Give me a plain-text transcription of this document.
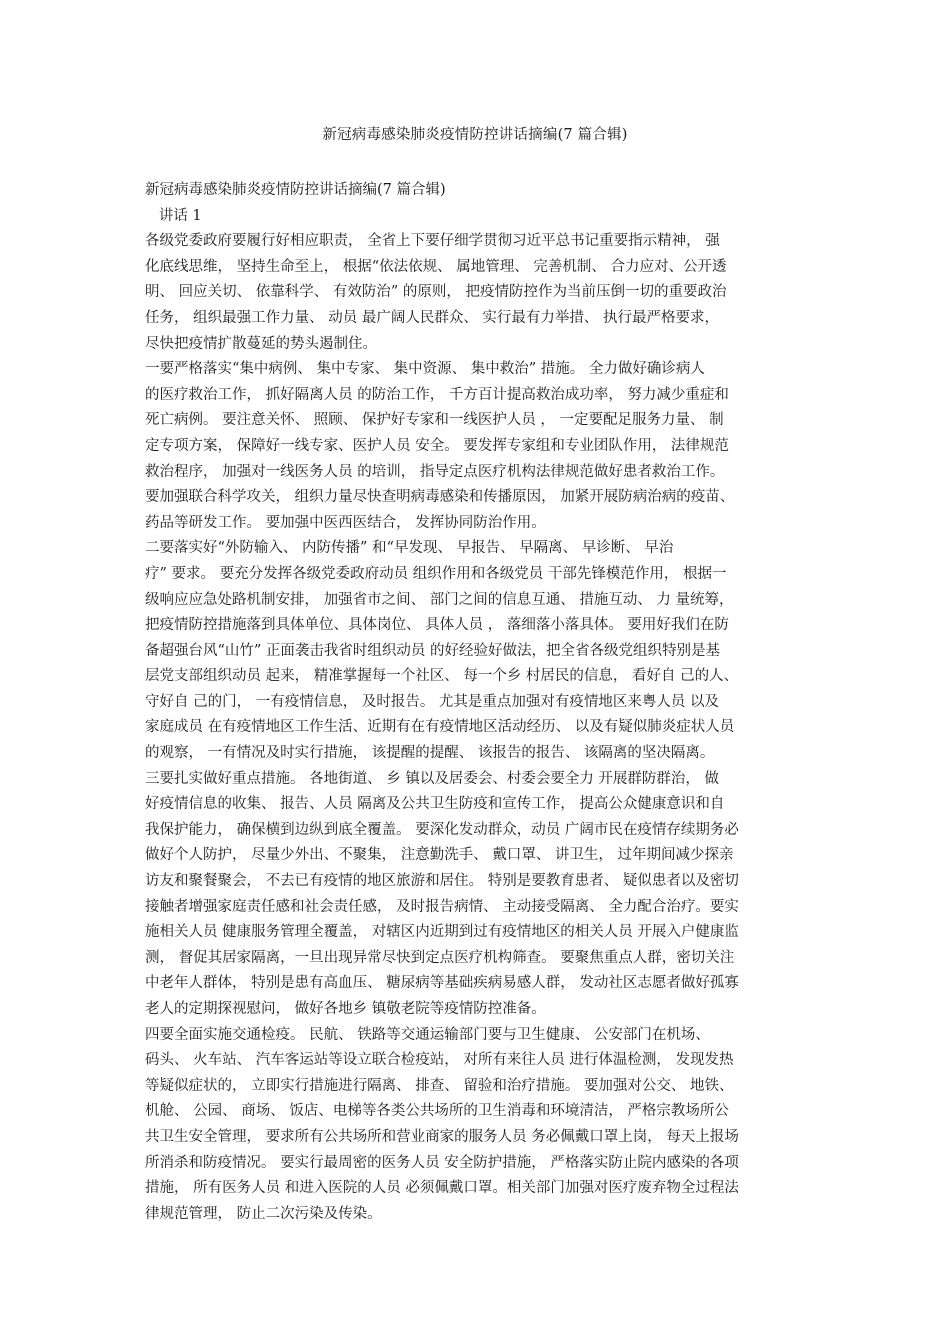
新冠病毒感染肺炎疫情防控讲话摘编(7 篇合辑)
新冠病毒感染肺炎疫情防控讲话摘编(7 篇合辑)
讲话 1
各级党委政府要履行好相应职责， 全省上下要仔细学贯彻习近平总书记重要指示精神， 强
化底线思维， 坚持生命至上， 根据“依法依规、 属地管理、 完善机制、 合力应对、公开透
明、 回应关切、 依靠科学、 有效防治” 的原则， 把疫情防控作为当前压倒一切的重要政治
任务， 组织最强工作力量、 动员 最广阔人民群众、 实行最有力举措、 执行最严格要求，
尽快把疫情扩散蔓延的势头遏制住。
一要严格落实“集中病例、 集中专家、 集中资源、 集中救治” 措施。 全力做好确诊病人
的医疗救治工作， 抓好隔离人员 的防治工作， 千方百计提高救治成功率， 努力减少重症和
死亡病例。 要注意关怀、 照顾、 保护好专家和一线医护人员 ， 一定要配足服务力量、 制
定专项方案， 保障好一线专家、医护人员 安全。 要发挥专家组和专业团队作用， 法律规范
救治程序， 加强对一线医务人员 的培训， 指导定点医疗机构法律规范做好患者救治工作。
要加强联合科学攻关， 组织力量尽快查明病毒感染和传播原因， 加紧开展防病治病的疫苗、
药品等研发工作。 要加强中医西医结合， 发挥协同防治作用。
二要落实好“外防输入、 内防传播” 和“早发现、 早报告、 早隔离、 早诊断、 早治
疗” 要求。 要充分发挥各级党委政府动员 组织作用和各级党员 干部先锋模范作用， 根据一
级响应应急处路机制安排， 加强省市之间、 部门之间的信息互通、 措施互动、 力 量统筹，
把疫情防控措施落到具体单位、具体岗位、 具体人员 ， 落细落小落具体。 要用好我们在防
备超强台风“山竹” 正面袭击我省时组织动员 的好经验好做法，把全省各级党组织特别是基
层党支部组织动员 起来， 精准掌握每一个社区、 每一个乡 村居民的信息， 看好自 己的人、
守好自 己的门， 一有疫情信息， 及时报告。 尤其是重点加强对有疫情地区来粤人员 以及
家庭成员 在有疫情地区工作生活、近期有在有疫情地区活动经历、 以及有疑似肺炎症状人员
的观察， 一有情况及时实行措施， 该提醒的提醒、 该报告的报告、 该隔离的坚决隔离。
三要扎实做好重点措施。 各地街道、 乡 镇以及居委会、村委会要全力 开展群防群治， 做
好疫情信息的收集、 报告、人员 隔离及公共卫生防疫和宣传工作， 提高公众健康意识和自
我保护能力， 确保横到边纵到底全覆盖。 要深化发动群众，动员 广阔市民在疫情存续期务必
做好个人防护， 尽量少外出、不聚集， 注意勤洗手、 戴口罩、 讲卫生， 过年期间减少探亲
访友和聚餐聚会， 不去已有疫情的地区旅游和居住。 特别是要教育患者、 疑似患者以及密切
接触者增强家庭责任感和社会责任感， 及时报告病情、 主动接受隔离、 全力配合治疗。要实
施相关人员 健康服务管理全覆盖， 对辖区内近期到过有疫情地区的相关人员 开展入户健康监
测， 督促其居家隔离，一旦出现异常尽快到定点医疗机构筛查。 要聚焦重点人群，密切关注
中老年人群体， 特别是患有高血压、 糖尿病等基础疾病易感人群， 发动社区志愿者做好孤寡
老人的定期探视慰问， 做好各地乡 镇敬老院等疫情防控准备。
四要全面实施交通检疫。 民航、 铁路等交通运输部门要与卫生健康、 公安部门在机场、
码头、 火车站、 汽车客运站等设立联合检疫站， 对所有来往人员 进行体温检测， 发现发热
等疑似症状的， 立即实行措施进行隔离、 排查、 留验和治疗措施。 要加强对公交、 地铁、
机舱、 公园、 商场、 饭店、电梯等各类公共场所的卫生消毒和环境清洁， 严格宗教场所公
共卫生安全管理， 要求所有公共场所和营业商家的服务人员 务必佩戴口罩上岗， 每天上报场
所消杀和防疫情况。 要实行最周密的医务人员 安全防护措施， 严格落实防止院内感染的各项
措施， 所有医务人员 和进入医院的人员 必须佩戴口罩。相关部门加强对医疗废弃物全过程法
律规范管理， 防止二次污染及传染。
